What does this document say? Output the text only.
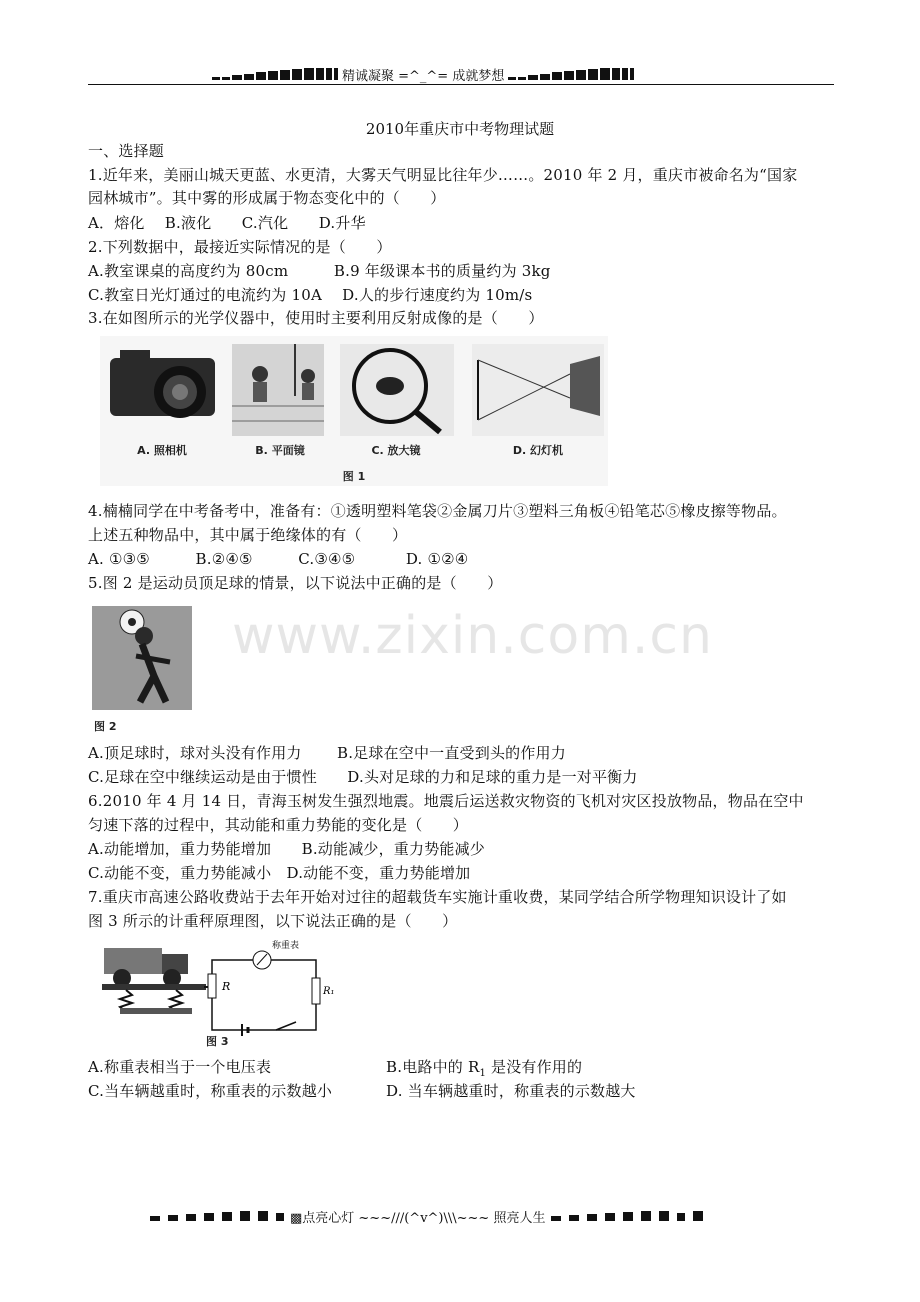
精诚凝聚 =^_^= 成就梦想
www.zixin.com.cn
2010年重庆市中考物理试题
一、选择题
1.近年来，美丽山城天更蓝、水更清，大雾天气明显比往年少……。2010 年 2 月，重庆市被命名为“国家
园林城市”。其中雾的形成属于物态变化中的（　　）
A．熔化　 B.液化　　C.汽化　　D.升华
2.下列数据中，最接近实际情况的是（　　）
A.教室课桌的高度约为 80cm　　　B.9 年级课本书的质量约为 3kg
C.教室日光灯通过的电流约为 10A　 D.人的步行速度约为 10m/s
3.在如图所示的光学仪器中，使用时主要利用反射成像的是（　　）
A. 照相机	B. 平面镜	C. 放大镜	D. 幻灯机
图 1
4.楠楠同学在中考备考中，准备有：①透明塑料笔袋②金属刀片③塑料三角板④铅笔芯⑤橡皮擦等物品。
上述五种物品中，其中属于绝缘体的有（　　）
A. ①③⑤　　　B.②④⑤　　　C.③④⑤　　　 D. ①②④
5.图 2 是运动员顶足球的情景，以下说法中正确的是（　　）
图 2
A.顶足球时，球对头没有作用力　　 B.足球在空中一直受到头的作用力
C.足球在空中继续运动是由于惯性　　D.头对足球的力和足球的重力是一对平衡力
6.2010 年 4 月 14 日，青海玉树发生强烈地震。地震后运送救灾物资的飞机对灾区投放物品，物品在空中
匀速下落的过程中，其动能和重力势能的变化是（　　）
A.动能增加，重力势能增加　　B.动能减少，重力势能减少
C.动能不变，重力势能减小　D.动能不变，重力势能增加
7.重庆市高速公路收费站于去年开始对过往的超载货车实施计重收费，某同学结合所学物理知识设计了如
图 3 所示的计重秤原理图，以下说法正确的是（　　）
R
称重表
R₁
图 3
A.称重表相当于一个电压表	B.电路中的 $R_1$ 是没有作用的
C.当车辆越重时，称重表的示数越小	D. 当车辆越重时，称重表的示数越大
▩点亮心灯 ~~~///(^v^)\\\~~~ 照亮人生
